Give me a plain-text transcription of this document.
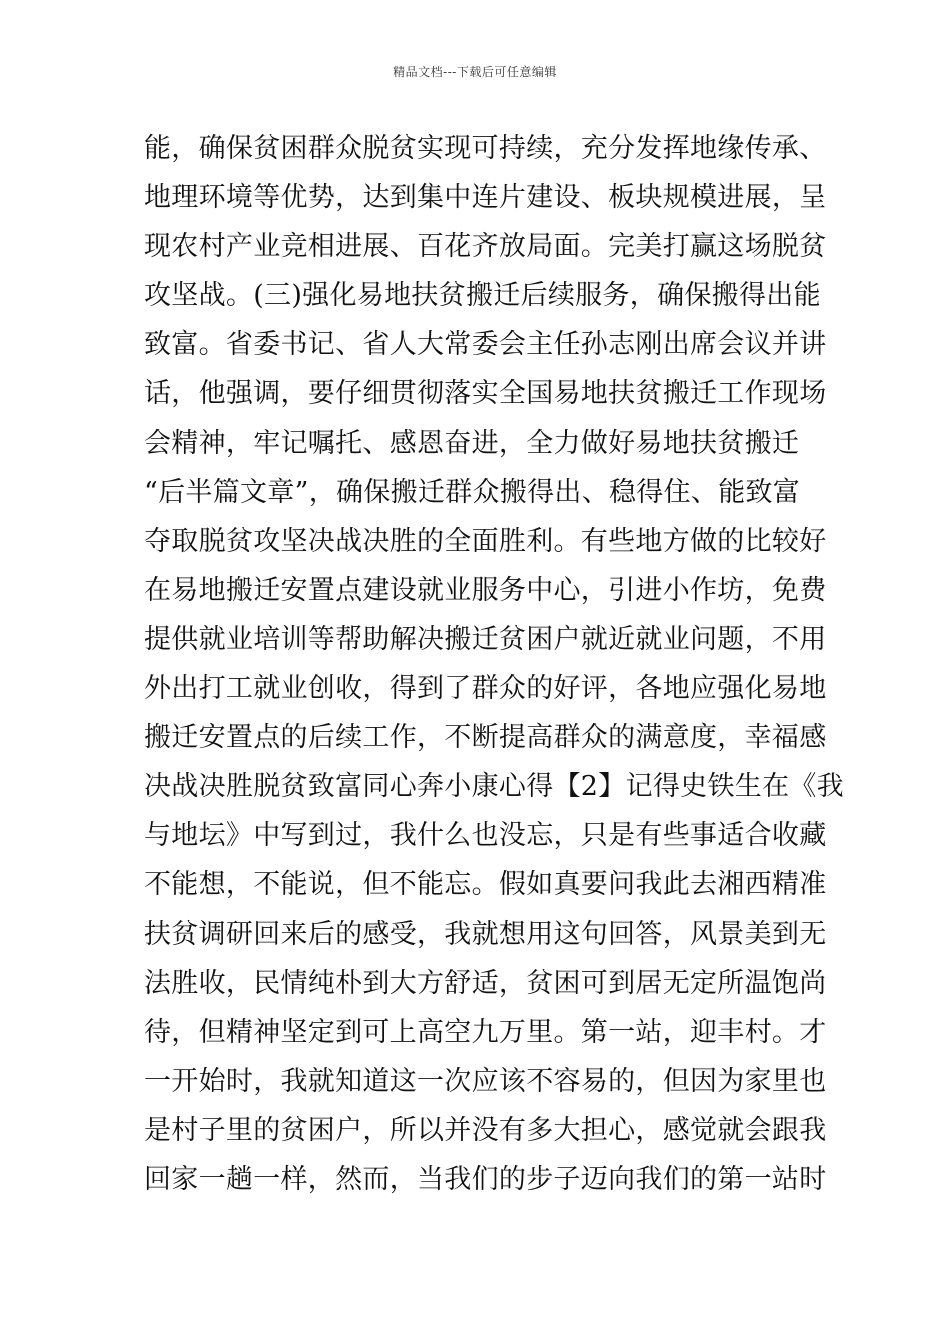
精品文档---下载后可任意编辑
能，确保贫困群众脱贫实现可持续，充分发挥地缘传承、
地理环境等优势，达到集中连片建设、板块规模进展，呈
现农村产业竞相进展、百花齐放局面。完美打赢这场脱贫
攻坚战。(三)强化易地扶贫搬迁后续服务，确保搬得出能
致富。省委书记、省人大常委会主任孙志刚出席会议并讲
话，他强调，要仔细贯彻落实全国易地扶贫搬迁工作现场
会精神，牢记嘱托、感恩奋进，全力做好易地扶贫搬迁
“后半篇文章”，确保搬迁群众搬得出、稳得住、能致富
夺取脱贫攻坚决战决胜的全面胜利。有些地方做的比较好
在易地搬迁安置点建设就业服务中心，引进小作坊，免费
提供就业培训等帮助解决搬迁贫困户就近就业问题，不用
外出打工就业创收，得到了群众的好评，各地应强化易地
搬迁安置点的后续工作，不断提高群众的满意度，幸福感
决战决胜脱贫致富同心奔小康心得【2】记得史铁生在《我
与地坛》中写到过，我什么也没忘，只是有些事适合收藏
不能想，不能说，但不能忘。假如真要问我此去湘西精准
扶贫调研回来后的感受，我就想用这句回答，风景美到无
法胜收，民情纯朴到大方舒适，贫困可到居无定所温饱尚
待，但精神坚定到可上高空九万里。第一站，迎丰村。才
一开始时，我就知道这一次应该不容易的，但因为家里也
是村子里的贫困户，所以并没有多大担心，感觉就会跟我
回家一趟一样，然而，当我们的步子迈向我们的第一站时
